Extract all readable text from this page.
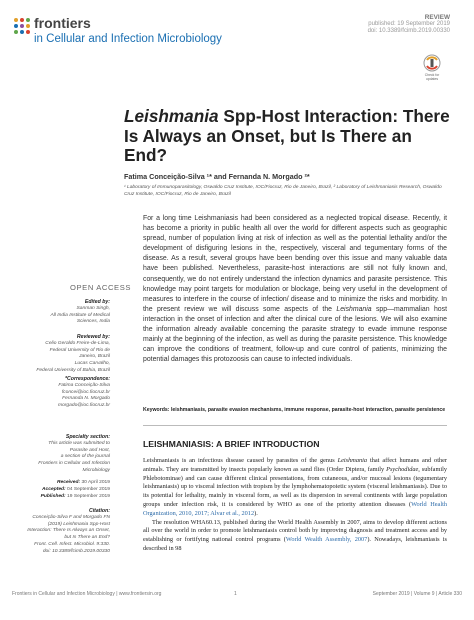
frontiers
in Cellular and Infection Microbiology
REVIEW
published: 19 September 2019
doi: 10.3389/fcimb.2019.00330
Check for updates
Leishmania Spp-Host Interaction: There Is Always an Onset, but Is There an End?
Fatima Conceição-Silva ¹* and Fernanda N. Morgado ²*
¹ Laboratory of Immunoparasitology, Oswaldo Cruz Institute, IOC/Fiocruz, Rio de Janeiro, Brazil, ² Laboratory of Leishmaniasis Research, Oswaldo Cruz Institute, IOC/Fiocruz, Rio de Janeiro, Brazil
OPEN ACCESS
Edited by:
Sanman Singh,
All India Institute of Medical
Sciences, India
Reviewed by:
Celio Geraldo Freire-de-Lima,
Federal University of Rio de
Janeiro, Brazil
Lucas Carvalho,
Federal University of Bahia, Brazil
*Correspondence:
Fatima Conceição-Silva
fconcei@ioc.fiocruz.br
Fernanda N. Morgado
morgado@ioc.fiocruz.br
Specialty section:
This article was submitted to
Parasite and Host,
a section of the journal
Frontiers in Cellular and Infection
Microbiology
Received: 30 April 2019
Accepted: 04 September 2019
Published: 19 September 2019
Citation:
Conceição-Silva F and Morgado FN
(2019) Leishmania Spp-Host
Interaction: There Is Always an Onset,
but Is There an End?
Front. Cell. Infect. Microbiol. 9:330.
doi: 10.3389/fcimb.2019.00330
For a long time Leishmaniasis had been considered as a neglected tropical disease. Recently, it has become a priority in public health all over the world for different aspects such as geographic spread, number of population living at risk of infection as well as the potential lethality and/or the development of disfiguring lesions in the, respectively, visceral and tegumentary forms of the disease. As a result, several groups have been bending over this issue and many valuable data have been published. Nevertheless, parasite-host interactions are still not fully known and, consequently, we do not entirely understand the infection dynamics and parasite persistence. This knowledge may point targets for modulation or blockage, being very useful in the development of measures to interfere in the course of infection/ disease and to minimize the risks and morbidity. In the present review we will discuss some aspects of the Leishmania spp—mammalian host interaction in the onset of infection and after the clinical cure of the lesions. We will also examine the information already available concerning the parasite strategy to evade immune response mainly at the beginning of the infection, as well as during the parasite persistence. This knowledge can improve the conditions of treatment, follow-up and cure control of patients, minimizing the potential damages this protozoosis can cause to infected individuals.
Keywords: leishmaniasis, parasite evasion mechanisms, immune response, parasite-host interaction, parasite persistence
LEISHMANIASIS: A BRIEF INTRODUCTION

Leishmaniasis is an infectious disease caused by parasites of the genus Leishmania that affect humans and other animals. They are transmitted by insects popularly known as sand flies (Order Diptera, family Psychodidae, subfamily Phlebotominae) and can cause different clinical presentations, from cutaneous, and/or mucosal lesions (tegumentary leishmaniasis) up to visceral infection with tropism by the lymphohematopoietic system (visceral leishmaniasis). Due to its potential for lethality, mainly in visceral form, as well as its dispersion in several continents with large population groups under infection risk, it is considered by WHO as one of the priority attention diseases (World Health Organization, 2010, 2017; Alvar et al., 2012).

The resolution WHA60.13, published during the World Health Assembly in 2007, aims to develop different actions all over the world in order to promote leishmaniasis control both by improving diagnosis and treatment access and by establishing or fortifying national control programs (World Wealth Assembly, 2007). Nowadays, leishmaniasis is described in 98

Frontiers in Cellular and Infection Microbiology | www.frontiersin.org	1	September 2019 | Volume 9 | Article 330
